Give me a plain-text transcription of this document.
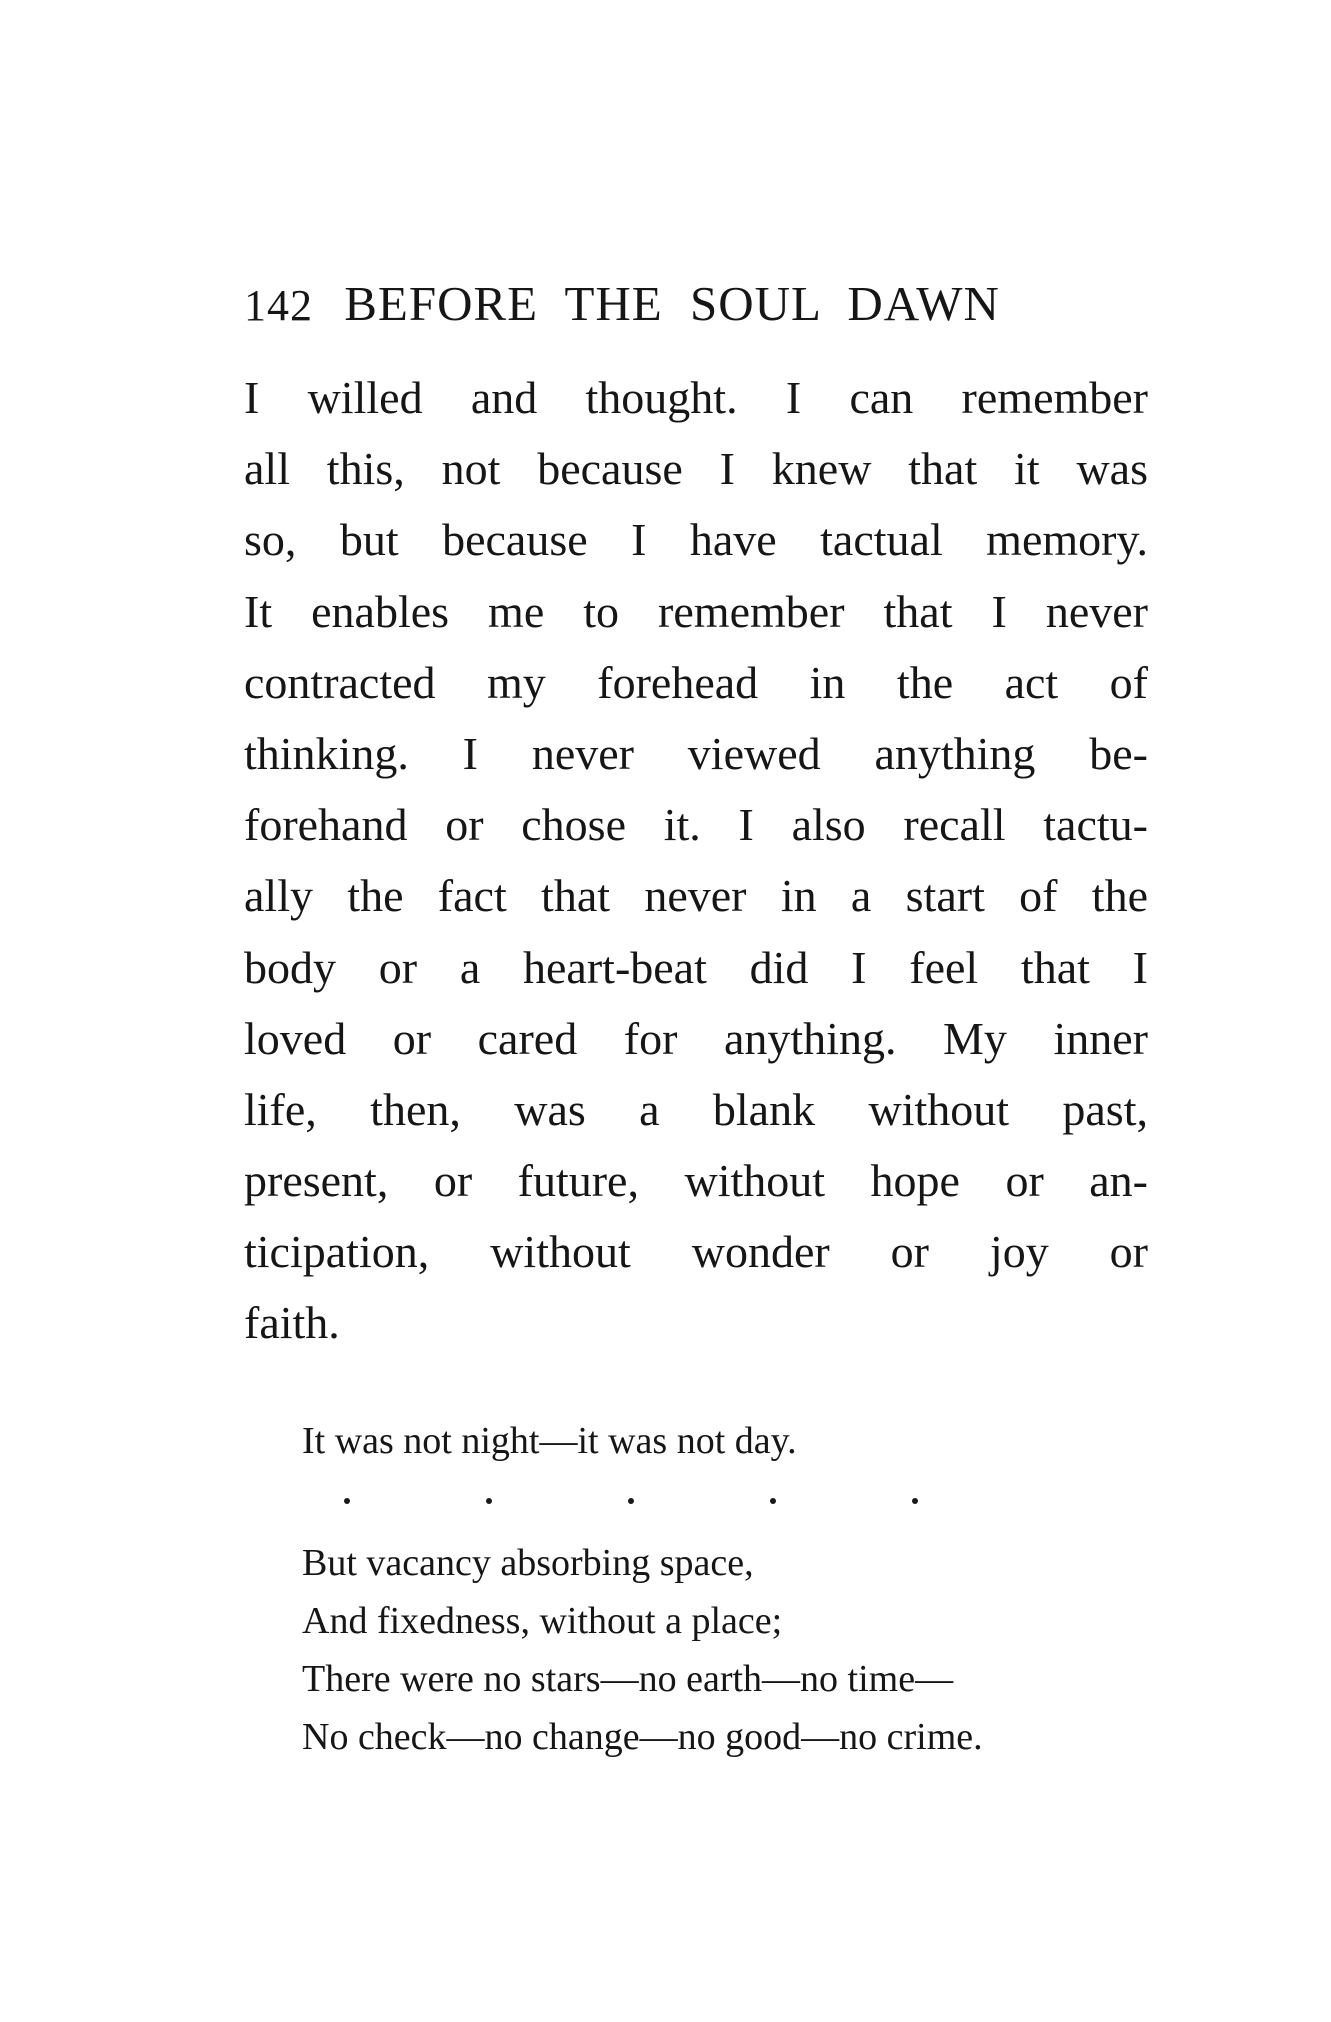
142 BEFORE THE SOUL DAWN
I willed and thought. I can remember
all this, not because I knew that it was
so, but because I have tactual memory.
It enables me to remember that I never
contracted my forehead in the act of
thinking. I never viewed anything be-
forehand or chose it. I also recall tactu-
ally the fact that never in a start of the
body or a heart-beat did I feel that I
loved or cared for anything. My inner
life, then, was a blank without past,
present, or future, without hope or an-
ticipation, without wonder or joy or
faith.
It was not night—it was not day.
But vacancy absorbing space,
And fixedness, without a place;
There were no stars—no earth—no time—
No check—no change—no good—no crime.
